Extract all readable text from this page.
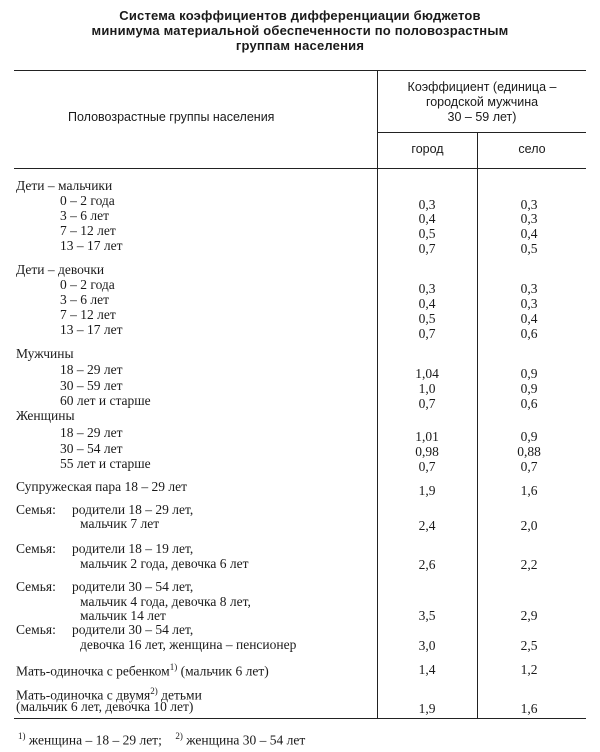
Система коэффициентов дифференциации бюджетов
минимума материальной обеспеченности по половозрастным
группам населения
Половозрастные группы населения
Коэффициент (единица –
городской мужчина
30 – 59 лет)
город	село
Дети – мальчики
0 – 2 года	0,3	0,3
3 – 6 лет	0,4	0,3
7 – 12 лет	0,5	0,4
13 – 17 лет	0,7	0,5
Дети – девочки
0 – 2 года	0,3	0,3
3 – 6 лет	0,4	0,3
7 – 12 лет	0,5	0,4
13 – 17 лет	0,7	0,6
Мужчины
18 – 29 лет	1,04	0,9
30 – 59 лет	1,0	0,9
60 лет и старше	0,7	0,6
Женщины
18 – 29 лет	1,01	0,9
30 – 54 лет	0,98	0,88
55 лет и старше	0,7	0,7
Супружеская пара 18 – 29 лет	1,9	1,6
Семья: родители 18 – 29 лет,
мальчик 7 лет	2,4	2,0
Семья: родители 18 – 19 лет,
мальчик 2 года, девочка 6 лет	2,6	2,2
Семья: родители 30 – 54 лет,
мальчик 4 года, девочка 8 лет,
мальчик 14 лет	3,5	2,9
Семья: родители 30 – 54 лет,
девочка 16 лет, женщина – пенсионер	3,0	2,5
Мать-одиночка с ребенком$^{1)}$ (мальчик 6 лет)	1,4	1,2
Мать-одиночка с двумя$^{2)}$ детьми
(мальчик 6 лет, девочка 10 лет)	1,9	1,6
$^{1)}$ женщина – 18 – 29 лет; $^{2)}$ женщина 30 – 54 лет
